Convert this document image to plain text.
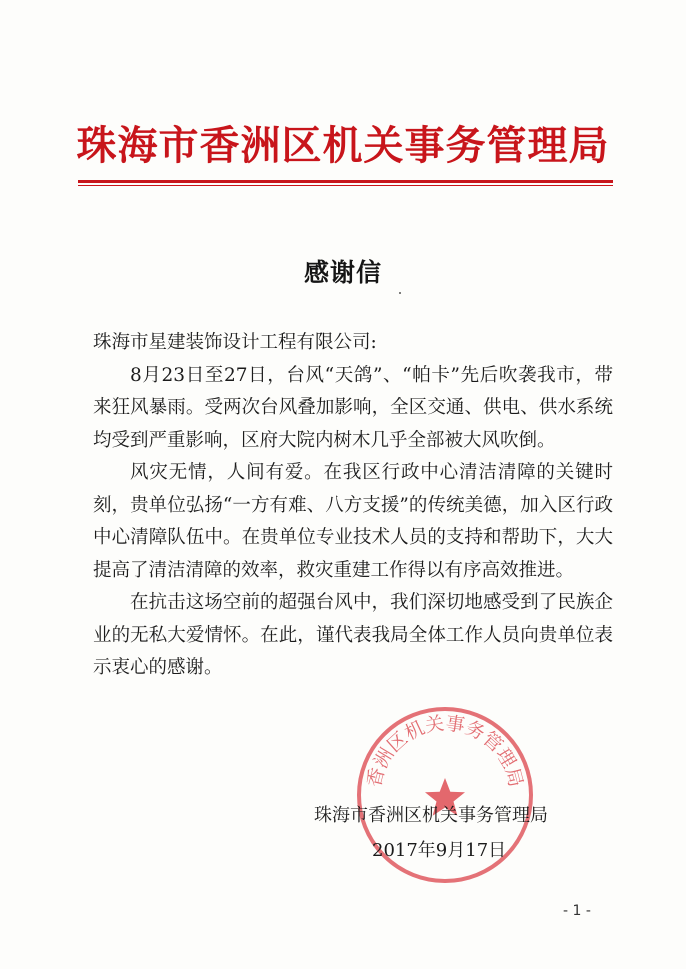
珠海市香洲区机关事务管理局
感谢信

珠海市星建装饰设计工程有限公司:

8月23日至27日，台风“天鸽”、“帕卡”先后吹袭我市，带来狂风暴雨。受两次台风叠加影响，全区交通、供电、供水系统均受到严重影响，区府大院内树木几乎全部被大风吹倒。

风灾无情，人间有爱。在我区行政中心清洁清障的关键时刻，贵单位弘扬“一方有难、八方支援”的传统美德，加入区行政中心清障队伍中。在贵单位专业技术人员的支持和帮助下，大大提高了清洁清障的效率，救灾重建工作得以有序高效推进。

在抗击这场空前的超强台风中，我们深切地感受到了民族企业的无私大爱情怀。在此，谨代表我局全体工作人员向贵单位表示衷心的感谢。

香洲区机关事务管理局
珠海市香洲区机关事务管理局
2017年9月17日
- 1 -
